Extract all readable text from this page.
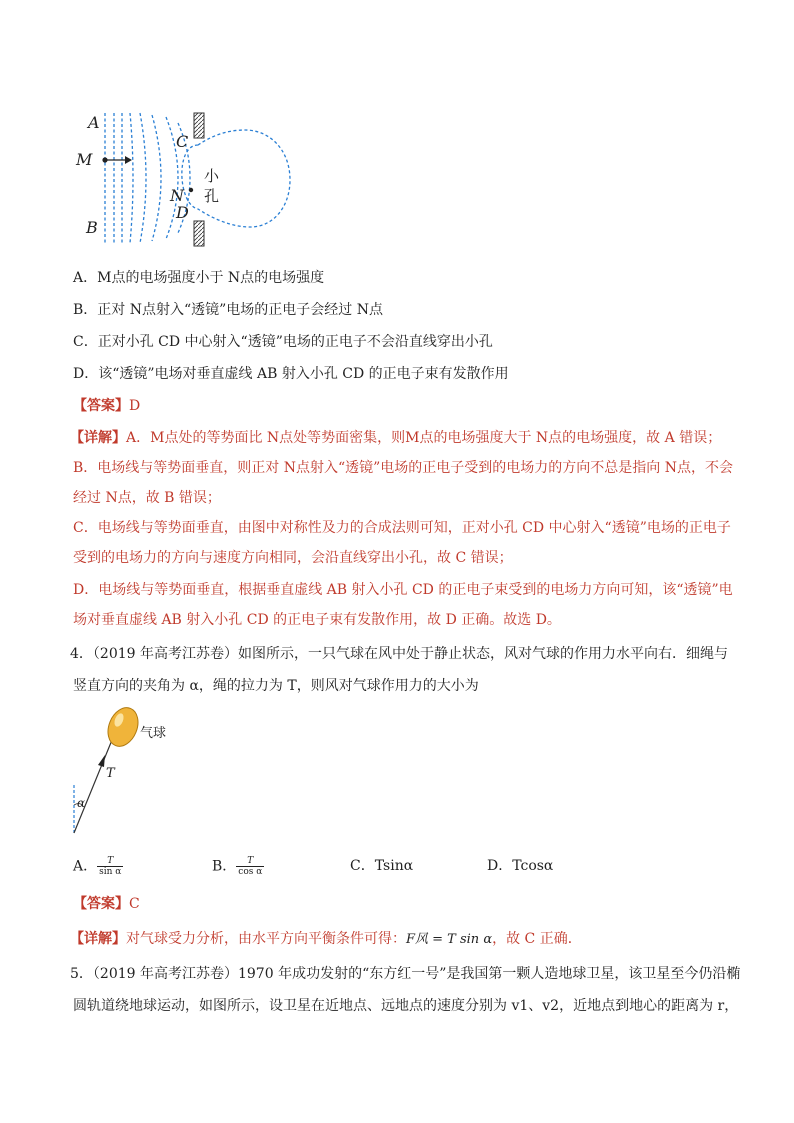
A
M
B
C
N
D
小
孔
A．M点的电场强度小于 N点的电场强度
B．正对 N点射入“透镜”电场的正电子会经过 N点
C．正对小孔 CD 中心射入“透镜”电场的正电子不会沿直线穿出小孔
D．该“透镜”电场对垂直虚线 AB 射入小孔 CD 的正电子束有发散作用
【答案】D
【详解】A．M点处的等势面比 N点处等势面密集，则M点的电场强度大于 N点的电场强度，故 A 错误；
B．电场线与等势面垂直，则正对 N点射入“透镜”电场的正电子受到的电场力的方向不总是指向 N点，不会
经过 N点，故 B 错误；
C．电场线与等势面垂直，由图中对称性及力的合成法则可知，正对小孔 CD 中心射入“透镜”电场的正电子
受到的电场力的方向与速度方向相同，会沿直线穿出小孔，故 C 错误；
D．电场线与等势面垂直，根据垂直虚线 AB 射入小孔 CD 的正电子束受到的电场力方向可知，该“透镜”电
场对垂直虚线 AB 射入小孔 CD 的正电子束有发散作用，故 D 正确。故选 D。
4．（2019 年高考江苏卷）如图所示，一只气球在风中处于静止状态，风对气球的作用力水平向右．细绳与
竖直方向的夹角为 α，绳的拉力为 T，则风对气球作用力的大小为
气球
T
α
A． $\frac{T}{\text{sin α}}$	B． $\frac{T}{\text{cos α}}$	C．Tsinα	D．Tcosα
【答案】C
【详解】对气球受力分析，由水平方向平衡条件可得：F风 = T sin α，故 C 正确．
5．（2019 年高考江苏卷）1970 年成功发射的“东方红一号”是我国第一颗人造地球卫星，该卫星至今仍沿椭
圆轨道绕地球运动，如图所示，设卫星在近地点、远地点的速度分别为 v1、v2，近地点到地心的距离为 r，
